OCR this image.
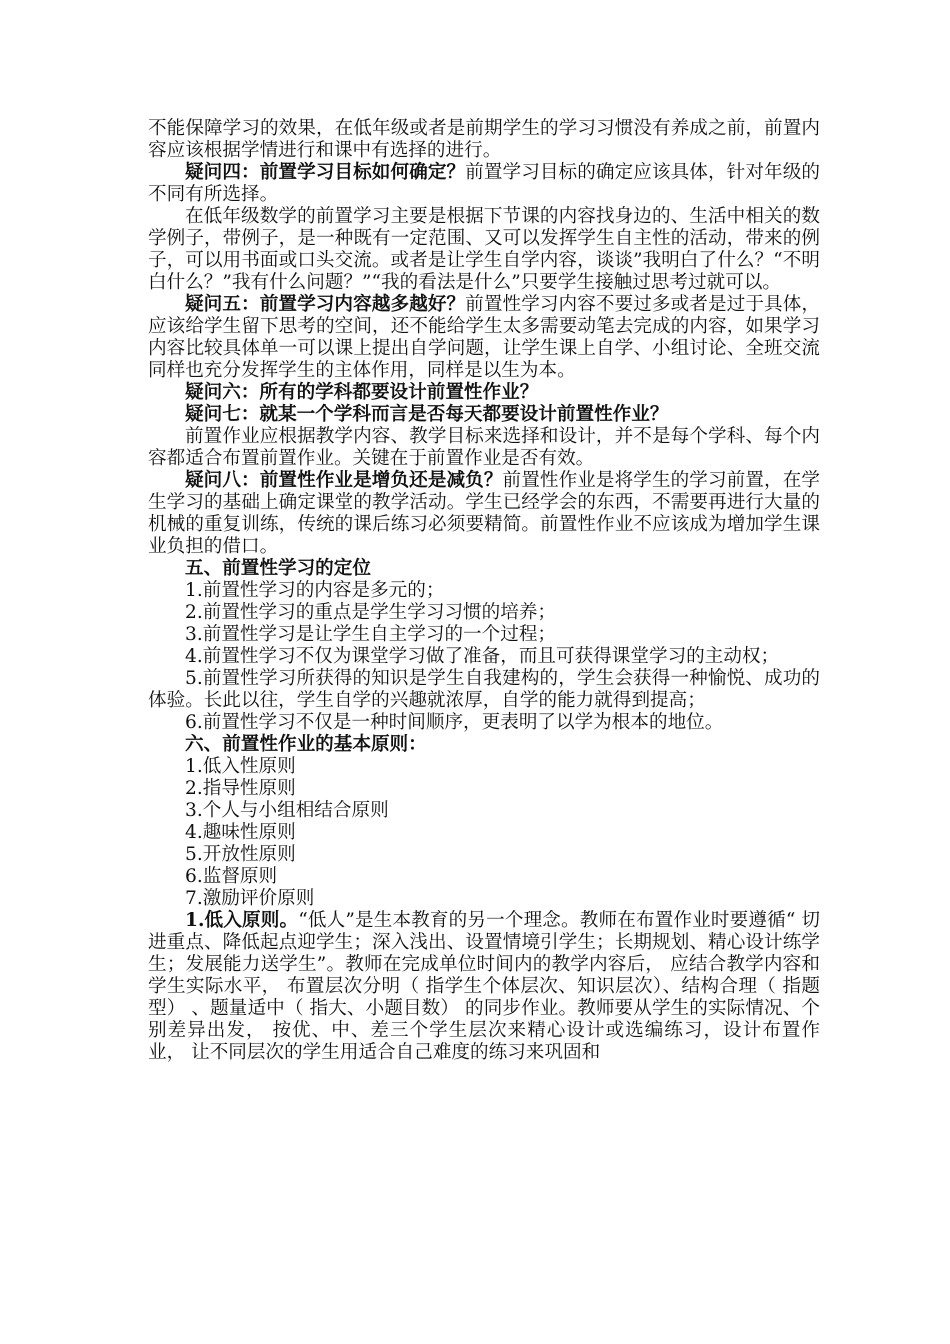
不能保障学习的效果，在低年级或者是前期学生的学习习惯没有养成之前，前置内容应该根据学情进行和课中有选择的进行。

疑问四：前置学习目标如何确定？前置学习目标的确定应该具体，针对年级的不同有所选择。

在低年级数学的前置学习主要是根据下节课的内容找身边的、生活中相关的数学例子，带例子，是一种既有一定范围、又可以发挥学生自主性的活动，带来的例子，可以用书面或口头交流。或者是让学生自学内容，谈谈”我明白了什么？“不明白什么？”我有什么问题？”“我的看法是什么”只要学生接触过思考过就可以。

疑问五：前置学习内容越多越好？前置性学习内容不要过多或者是过于具体，应该给学生留下思考的空间，还不能给学生太多需要动笔去完成的内容，如果学习内容比较具体单一可以课上提出自学问题，让学生课上自学、小组讨论、全班交流同样也充分发挥学生的主体作用，同样是以生为本。

疑问六：所有的学科都要设计前置性作业？

疑问七：就某一个学科而言是否每天都要设计前置性作业？

前置作业应根据教学内容、教学目标来选择和设计，并不是每个学科、每个内容都适合布置前置作业。关键在于前置作业是否有效。

疑问八：前置性作业是增负还是减负？前置性作业是将学生的学习前置，在学生学习的基础上确定课堂的教学活动。学生已经学会的东西，不需要再进行大量的机械的重复训练，传统的课后练习必须要精简。前置性作业不应该成为增加学生课业负担的借口。

五、前置性学习的定位

1.前置性学习的内容是多元的；

2.前置性学习的重点是学生学习习惯的培养；

3.前置性学习是让学生自主学习的一个过程；

4.前置性学习不仅为课堂学习做了准备，而且可获得课堂学习的主动权；

5.前置性学习所获得的知识是学生自我建构的，学生会获得一种愉悦、成功的体验。长此以往，学生自学的兴趣就浓厚，自学的能力就得到提高；

6.前置性学习不仅是一种时间顺序，更表明了以学为根本的地位。

六、前置性作业的基本原则：

1.低入性原则

2.指导性原则

3.个人与小组相结合原则

4.趣味性原则

5.开放性原则

6.监督原则

7.激励评价原则

1.低入原则。“低人”是生本教育的另一个理念。教师在布置作业时要遵循“ 切进重点、降低起点迎学生；深入浅出、设置情境引学生；长期规划、精心设计练学生；发展能力送学生”。教师在完成单位时间内的教学内容后， 应结合教学内容和学生实际水平， 布置层次分明（ 指学生个体层次、知识层次）、结构合理（ 指题型） 、题量适中（ 指大、小题目数） 的同步作业。教师要从学生的实际情况、个别差异出发， 按优、中、差三个学生层次来精心设计或选编练习，设计布置作业， 让不同层次的学生用适合自己难度的练习来巩固和
